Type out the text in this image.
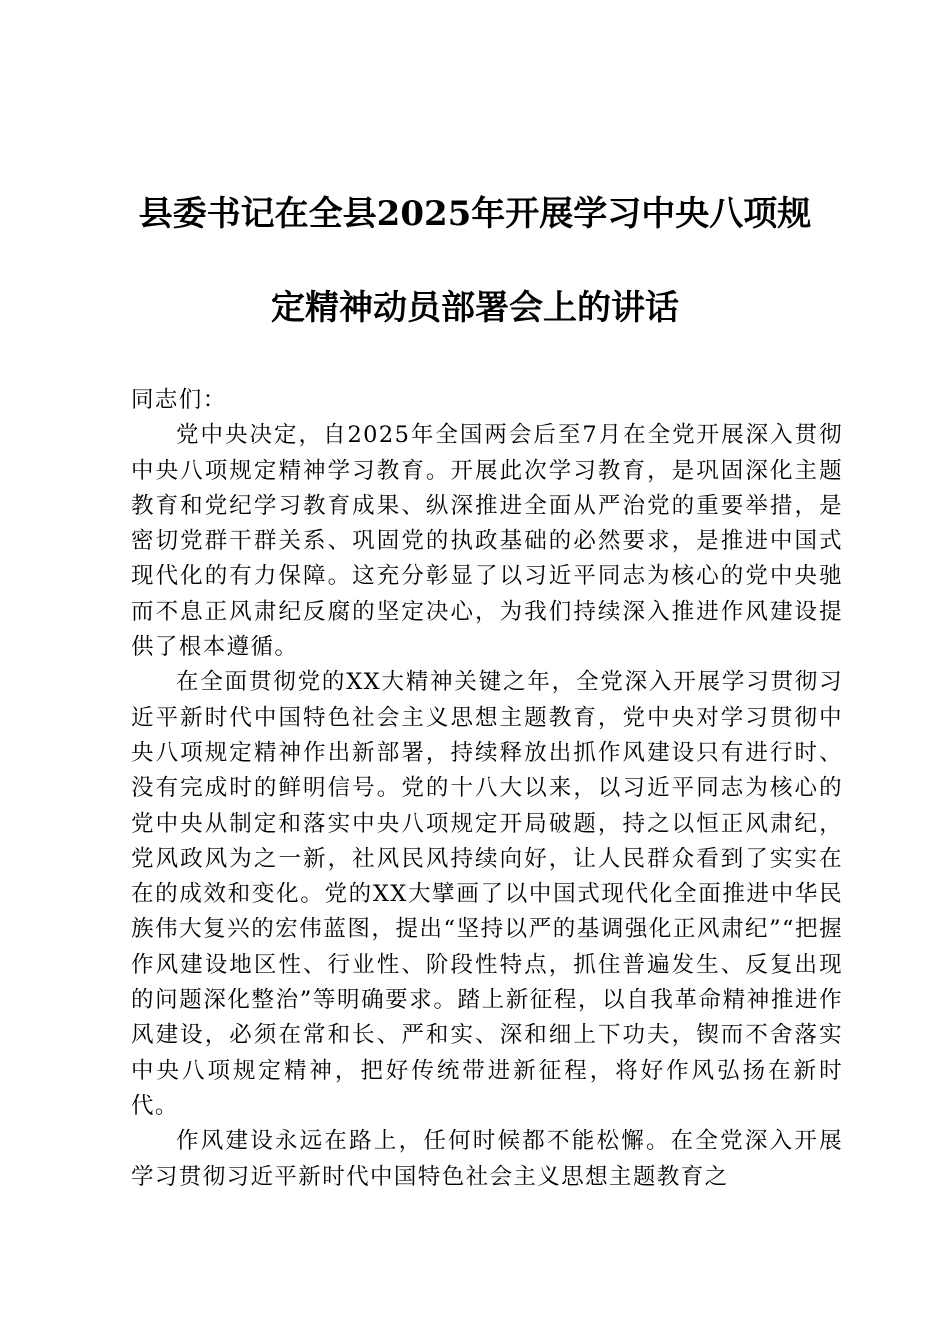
县委书记在全县2025年开展学习中央八项规
定精神动员部署会上的讲话

同志们：

党中央决定，自2025年全国两会后至7月在全党开展深入贯彻中央八项规定精神学习教育。开展此次学习教育，是巩固深化主题教育和党纪学习教育成果、纵深推进全面从严治党的重要举措，是密切党群干群关系、巩固党的执政基础的必然要求，是推进中国式现代化的有力保障。这充分彰显了以习近平同志为核心的党中央驰而不息正风肃纪反腐的坚定决心，为我们持续深入推进作风建设提供了根本遵循。

在全面贯彻党的XX大精神关键之年，全党深入开展学习贯彻习近平新时代中国特色社会主义思想主题教育，党中央对学习贯彻中央八项规定精神作出新部署，持续释放出抓作风建设只有进行时、没有完成时的鲜明信号。党的十八大以来，以习近平同志为核心的党中央从制定和落实中央八项规定开局破题，持之以恒正风肃纪，党风政风为之一新，社风民风持续向好，让人民群众看到了实实在在的成效和变化。党的XX大擘画了以中国式现代化全面推进中华民族伟大复兴的宏伟蓝图，提出“坚持以严的基调强化正风肃纪”“把握作风建设地区性、行业性、阶段性特点，抓住普遍发生、反复出现的问题深化整治”等明确要求。踏上新征程，以自我革命精神推进作风建设，必须在常和长、严和实、深和细上下功夫，锲而不舍落实中央八项规定精神，把好传统带进新征程，将好作风弘扬在新时代。

作风建设永远在路上，任何时候都不能松懈。在全党深入开展学习贯彻习近平新时代中国特色社会主义思想主题教育之
